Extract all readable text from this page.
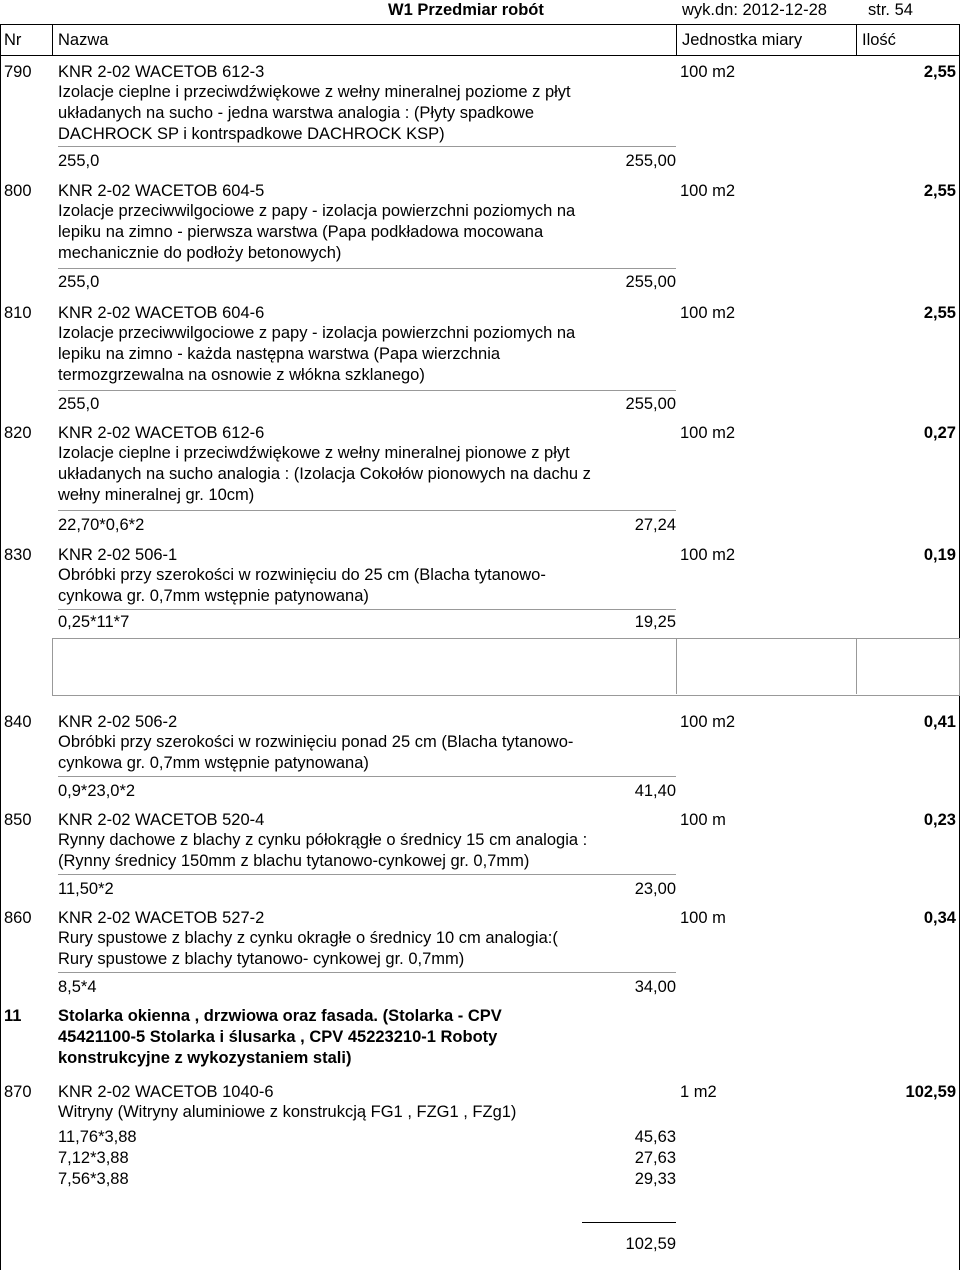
W1 Przedmiar robót	wyk.dn: 2012-12-28 str. 54
Nr Nazwa	Jednostka miary	Ilość
790 KNR 2-02 WACETOB 612-3
Izolacje cieplne i przeciwdźwiękowe z wełny mineralnej poziome z płyt
układanych na sucho - jedna warstwa analogia : (Płyty spadkowe
DACHROCK SP i kontrspadkowe DACHROCK KSP)
100 m2	2,55
255,0	255,00
800 KNR 2-02 WACETOB 604-5
Izolacje przeciwwilgociowe z papy - izolacja powierzchni poziomych na
lepiku na zimno - pierwsza warstwa (Papa podkładowa mocowana
mechanicznie do podłoży betonowych)
100 m2	2,55
255,0	255,00
810 KNR 2-02 WACETOB 604-6
Izolacje przeciwwilgociowe z papy - izolacja powierzchni poziomych na
lepiku na zimno - każda następna warstwa (Papa wierzchnia
termozgrzewalna na osnowie z włókna szklanego)
100 m2	2,55
255,0	255,00
820 KNR 2-02 WACETOB 612-6
Izolacje cieplne i przeciwdźwiękowe z wełny mineralnej pionowe z płyt
układanych na sucho analogia : (Izolacja Cokołów pionowych na dachu z
wełny mineralnej gr. 10cm)
100 m2	0,27
22,70*0,6*2	27,24
830 KNR 2-02 506-1
Obróbki przy szerokości w rozwinięciu do 25 cm (Blacha tytanowo-
cynkowa gr. 0,7mm wstępnie patynowana)
100 m2	0,19
0,25*11*7	19,25
840 KNR 2-02 506-2
Obróbki przy szerokości w rozwinięciu ponad 25 cm (Blacha tytanowo-
cynkowa gr. 0,7mm wstępnie patynowana)
100 m2	0,41
0,9*23,0*2	41,40
850 KNR 2-02 WACETOB 520-4
Rynny dachowe z blachy z cynku półokrągłe o średnicy 15 cm analogia :
(Rynny średnicy 150mm z blachu tytanowo-cynkowej gr. 0,7mm)
100 m	0,23
11,50*2	23,00
860 KNR 2-02 WACETOB 527-2
Rury spustowe z blachy z cynku okragłe o średnicy 10 cm analogia:(
Rury spustowe z blachy tytanowo- cynkowej gr. 0,7mm)
100 m	0,34
8,5*4	34,00
11 Stolarka okienna , drzwiowa oraz fasada. (Stolarka - CPV
45421100-5 Stolarka i ślusarka , CPV 45223210-1 Roboty
konstrukcyjne z wykozystaniem stali)
870 KNR 2-02 WACETOB 1040-6
Witryny (Witryny aluminiowe z konstrukcją FG1 , FZG1 , FZg1)
1 m2	102,59
11,76*3,88	45,63
7,12*3,88	27,63
7,56*3,88	29,33
102,59
